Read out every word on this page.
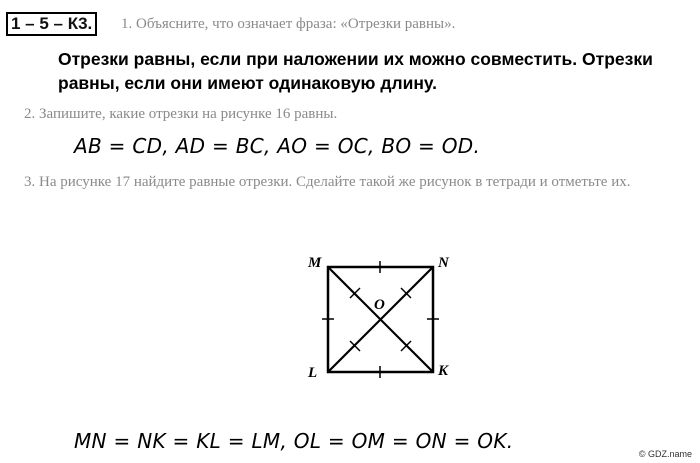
1 – 5 – К3.	1. Объясните, что означает фраза: «Отрезки равны».
Отрезки равны, если при наложении их можно совместить. Отрезки
равны, если они имеют одинаковую длину.
2. Запишите, какие отрезки на рисунке 16 равны.
AB = CD, AD = BC, AO = OC, BO = OD.
3. На рисунке 17 найдите равные отрезки. Сделайте такой же рисунок в тетради и отметьте их.
M	N
L	K
O
MN = NK = KL = LM, OL = OM = ON = OK.
© GDZ.name
